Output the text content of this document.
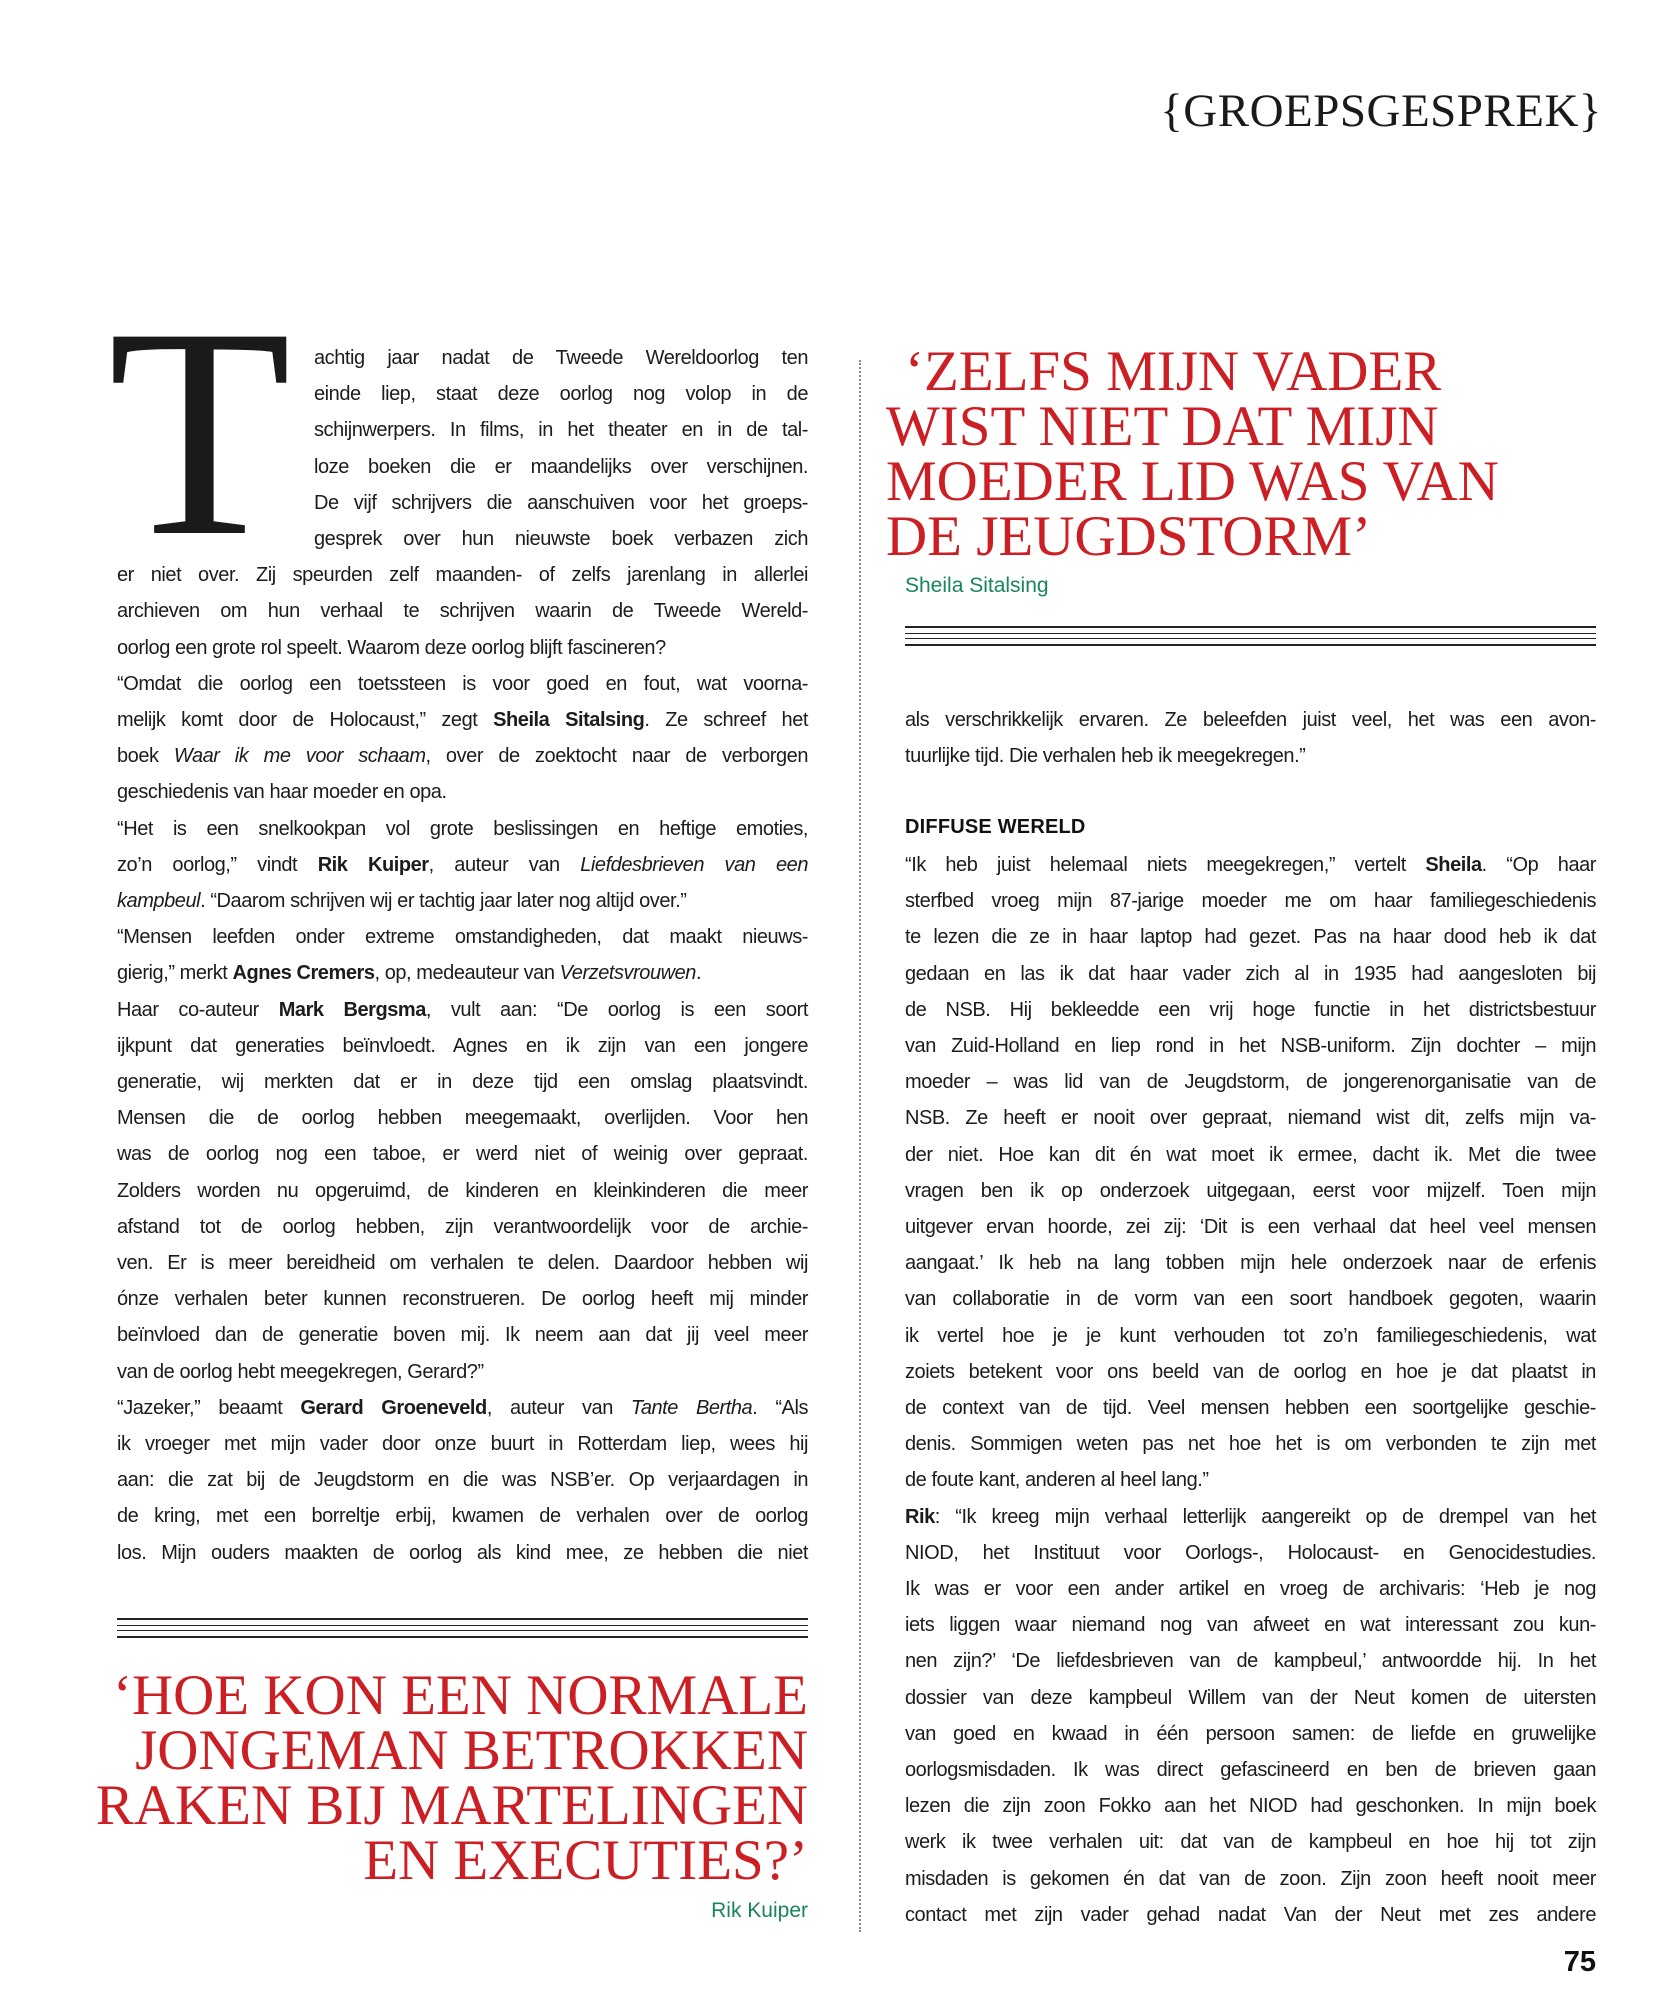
{GROEPSGESPREK}
T achtig jaar nadat de Tweede Wereldoorlog ten
einde liep, staat deze oorlog nog volop in de
schijnwerpers. In films, in het theater en in de tal-
loze boeken die er maandelijks over verschijnen.
De vijf schrijvers die aanschuiven voor het groeps-
gesprek over hun nieuwste boek verbazen zich
er niet over. Zij speurden zelf maanden- of zelfs jarenlang in allerlei
archieven om hun verhaal te schrijven waarin de Tweede Wereld-
oorlog een grote rol speelt. Waarom deze oorlog blijft fascineren?
“Omdat die oorlog een toetssteen is voor goed en fout, wat voorna-
melijk komt door de Holocaust,” zegt Sheila Sitalsing. Ze schreef het
boek Waar ik me voor schaam, over de zoektocht naar de verborgen
geschiedenis van haar moeder en opa.
“Het is een snelkookpan vol grote beslissingen en heftige emoties,
zo’n oorlog,” vindt Rik Kuiper, auteur van Liefdesbrieven van een
kampbeul. “Daarom schrijven wij er tachtig jaar later nog altijd over.”
“Mensen leefden onder extreme omstandigheden, dat maakt nieuws-
gierig,” merkt Agnes Cremers, op, medeauteur van Verzetsvrouwen.
Haar co-auteur Mark Bergsma, vult aan: “De oorlog is een soort
ijkpunt dat generaties beïnvloedt. Agnes en ik zijn van een jongere
generatie, wij merkten dat er in deze tijd een omslag plaatsvindt.
Mensen die de oorlog hebben meegemaakt, overlijden. Voor hen
was de oorlog nog een taboe, er werd niet of weinig over gepraat.
Zolders worden nu opgeruimd, de kinderen en kleinkinderen die meer
afstand tot de oorlog hebben, zijn verantwoordelijk voor de archie-
ven. Er is meer bereidheid om verhalen te delen. Daardoor hebben wij
ónze verhalen beter kunnen reconstrueren. De oorlog heeft mij minder
beïnvloed dan de generatie boven mij. Ik neem aan dat jij veel meer
van de oorlog hebt meegekregen, Gerard?”
“Jazeker,” beaamt Gerard Groeneveld, auteur van Tante Bertha. “Als
ik vroeger met mijn vader door onze buurt in Rotterdam liep, wees hij
aan: die zat bij de Jeugdstorm en die was NSB’er. Op verjaardagen in
de kring, met een borreltje erbij, kwamen de verhalen over de oorlog
los. Mijn ouders maakten de oorlog als kind mee, ze hebben die niet
‘ZELFS MIJN VADER
WIST NIET DAT MIJN
MOEDER LID WAS VAN
DE JEUGDSTORM’
Sheila Sitalsing
als verschrikkelijk ervaren. Ze beleefden juist veel, het was een avon-
tuurlijke tijd. Die verhalen heb ik meegekregen.”
DIFFUSE WERELD
“Ik heb juist helemaal niets meegekregen,” vertelt Sheila. “Op haar
sterfbed vroeg mijn 87-jarige moeder me om haar familiegeschiedenis
te lezen die ze in haar laptop had gezet. Pas na haar dood heb ik dat
gedaan en las ik dat haar vader zich al in 1935 had aangesloten bij
de NSB. Hij bekleedde een vrij hoge functie in het districtsbestuur
van Zuid-Holland en liep rond in het NSB-uniform. Zijn dochter – mijn
moeder – was lid van de Jeugdstorm, de jongerenorganisatie van de
NSB. Ze heeft er nooit over gepraat, niemand wist dit, zelfs mijn va-
der niet. Hoe kan dit én wat moet ik ermee, dacht ik. Met die twee
vragen ben ik op onderzoek uitgegaan, eerst voor mijzelf. Toen mijn
uitgever ervan hoorde, zei zij: ‘Dit is een verhaal dat heel veel mensen
aangaat.’ Ik heb na lang tobben mijn hele onderzoek naar de erfenis
van collaboratie in de vorm van een soort handboek gegoten, waarin
ik vertel hoe je je kunt verhouden tot zo’n familiegeschiedenis, wat
zoiets betekent voor ons beeld van de oorlog en hoe je dat plaatst in
de context van de tijd. Veel mensen hebben een soortgelijke geschie-
denis. Sommigen weten pas net hoe het is om verbonden te zijn met
de foute kant, anderen al heel lang.”
Rik: “Ik kreeg mijn verhaal letterlijk aangereikt op de drempel van het
NIOD, het Instituut voor Oorlogs-, Holocaust- en Genocidestudies.
Ik was er voor een ander artikel en vroeg de archivaris: ‘Heb je nog
iets liggen waar niemand nog van afweet en wat interessant zou kun-
nen zijn?’ ‘De liefdesbrieven van de kampbeul,’ antwoordde hij. In het
dossier van deze kampbeul Willem van der Neut komen de uitersten
van goed en kwaad in één persoon samen: de liefde en gruwelijke
oorlogsmisdaden. Ik was direct gefascineerd en ben de brieven gaan
lezen die zijn zoon Fokko aan het NIOD had geschonken. In mijn boek
werk ik twee verhalen uit: dat van de kampbeul en hoe hij tot zijn
misdaden is gekomen én dat van de zoon. Zijn zoon heeft nooit meer
contact met zijn vader gehad nadat Van der Neut met zes andere
‘HOE KON EEN NORMALE
JONGEMAN BETROKKEN
RAKEN BIJ MARTELINGEN
EN EXECUTIES?’
Rik Kuiper
75
